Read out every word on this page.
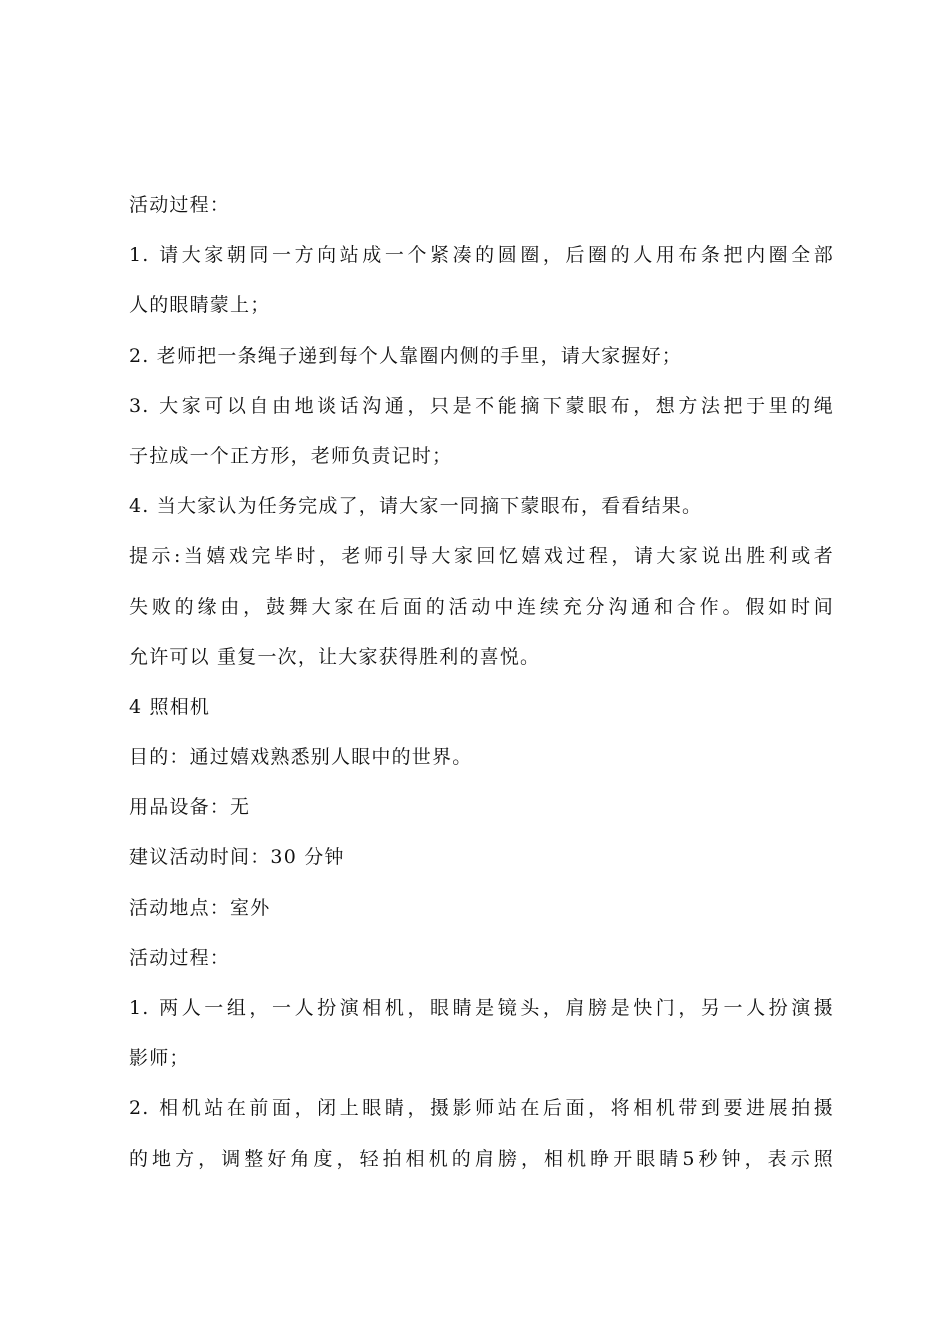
活动过程：
1. 请大家朝同一方向站成一个紧凑的圆圈，后圈的人用布条把内圈全部
人的眼睛蒙上；
2. 老师把一条绳子递到每个人靠圈内侧的手里，请大家握好；
3. 大家可以自由地谈话沟通，只是不能摘下蒙眼布，想方法把于里的绳
子拉成一个正方形，老师负责记时；
4. 当大家认为任务完成了，请大家一同摘下蒙眼布，看看结果。
提示:当嬉戏完毕时，老师引导大家回忆嬉戏过程，请大家说出胜利或者
失败的缘由，鼓舞大家在后面的活动中连续充分沟通和合作。假如时间
允许可以 重复一次，让大家获得胜利的喜悦。
4 照相机
目的：通过嬉戏熟悉别人眼中的世界。
用品设备：无
建议活动时间：30 分钟
活动地点：室外
活动过程：
1. 两人一组，一人扮演相机，眼睛是镜头，肩膀是快门，另一人扮演摄
影师；
2. 相机站在前面，闭上眼睛，摄影师站在后面，将相机带到要进展拍摄
的地方，调整好角度，轻拍相机的肩膀，相机睁开眼睛5秒钟，表示照
